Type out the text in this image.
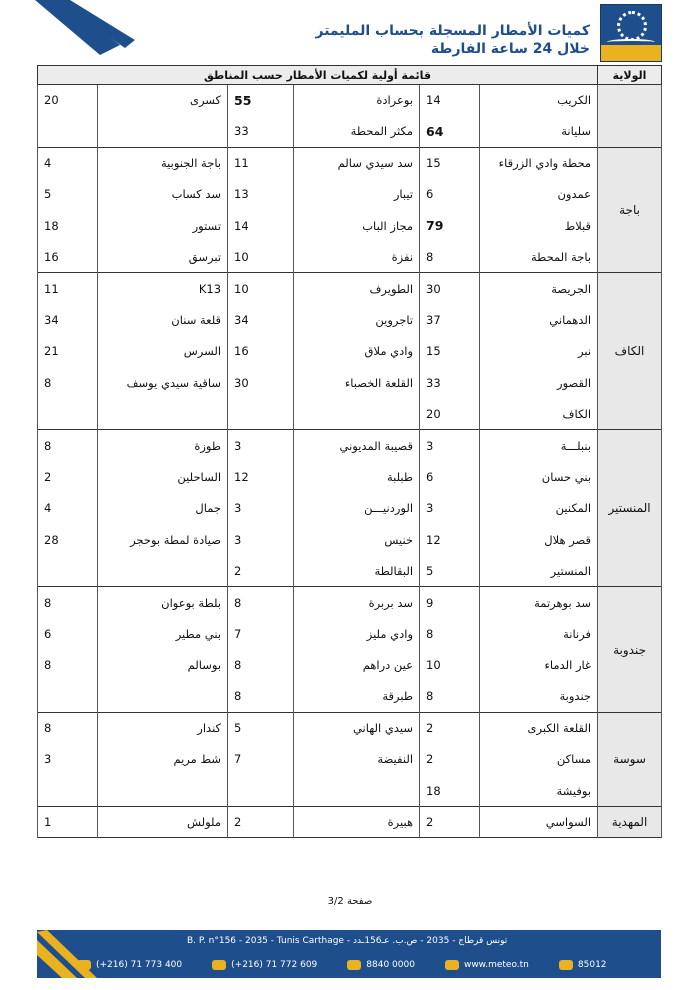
كميات الأمطار المسجلة بحساب المليمتر
خلال 24 ساعة الفارطة
الولاية	قائمة أولية لكميات الأمطار حسب المناطق					
	الكريب	14	بوعرادة	55	كسرى	20
	سليانة	64	مكثر المحطة	33		
باجة	محطة وادي الزرقاء	15	سد سيدي سالم	11	باجة الجنوبية	4
	عمدون	6	تيبار	13	سد كساب	5
	قبلاط	79	مجاز الباب	14	تستور	18
	باجة المحطة	8	نفزة	10	تبرسق	16
الكاف	الجريصة	30	الطويرف	10	K13	11
	الدهماني	37	تاجروين	34	قلعة سنان	34
	نبر	15	وادي ملاق	16	السرس	21
	القصور	33	القلعة الخصباء	30	ساقية سيدي يوسف	8
	الكاف	20				
المنستير	بنبلـــة	3	قصيبة المديوني	3	طوزة	8
	بني حسان	6	طبلبة	12	الساحلين	2
	المكنين	3	الوردنيـــن	3	جمال	4
	قصر هلال	12	خنيس	3	صيادة لمطة بوحجر	28
	المنستير	5	البقالطة	2		
جندوبة	سد بوهرتمة	9	سد بربرة	8	بلطة بوعوان	8
	فرنانة	8	وادي مليز	7	بني مطير	6
	غار الدماء	10	عين دراهم	8	بوسالم	8
	جندوبة	8	طبرقة	8		
سوسة	القلعة الكبرى	2	سيدي الهاني	5	كندار	8
	مساكن	2	النفيضة	7	شط مريم	3
	بوفيشة	18				
المهدية	السواسي	2	هبيرة	2	ملولش	1
صفحة 3/2
B. P. n°156 - 2035 - Tunis Carthage - تونس قرطاج - 2035 - ص.ب. عـ156ـدد
(+216) 71 773 400	(+216) 71 772 609	8840 0000	www.meteo.tn	85012
